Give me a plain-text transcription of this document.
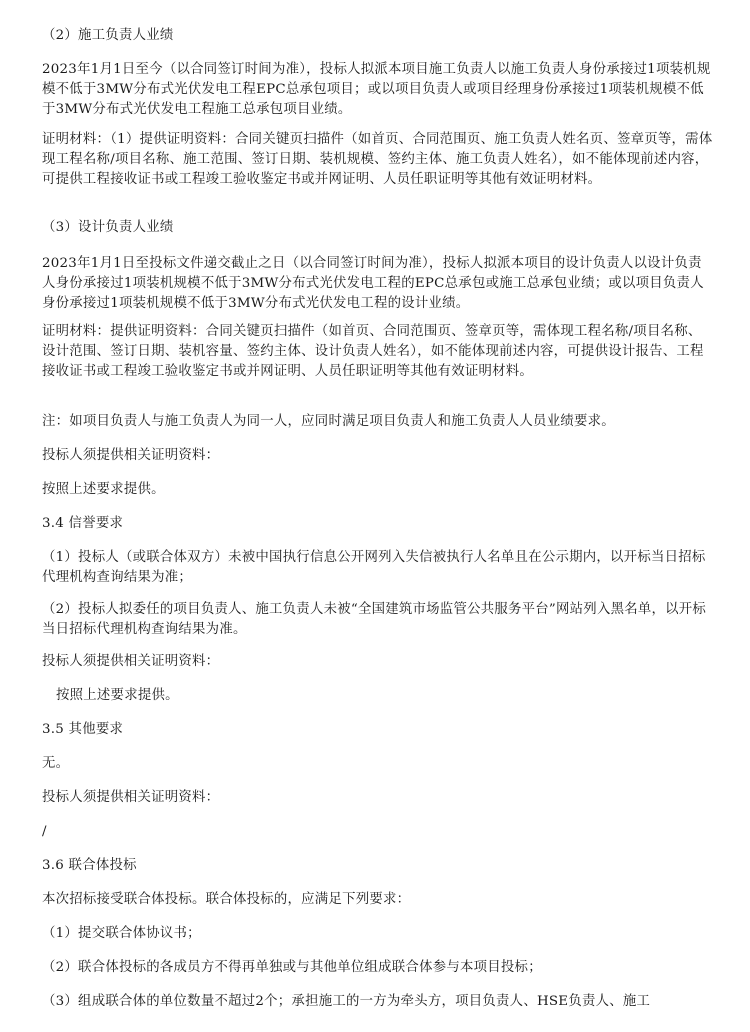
（2）施工负责人业绩
2023年1月1日至今（以合同签订时间为准），投标人拟派本项目施工负责人以施工负责人身份承接过1项装机规模不低于3MW分布式光伏发电工程EPC总承包项目；或以项目负责人或项目经理身份承接过1项装机规模不低于3MW分布式光伏发电工程施工总承包项目业绩。
证明材料：（1）提供证明资料：合同关键页扫描件（如首页、合同范围页、施工负责人姓名页、签章页等，需体现工程名称/项目名称、施工范围、签订日期、装机规模、签约主体、施工负责人姓名），如不能体现前述内容，可提供工程接收证书或工程竣工验收鉴定书或并网证明、人员任职证明等其他有效证明材料。
（3）设计负责人业绩
2023年1月1日至投标文件递交截止之日（以合同签订时间为准），投标人拟派本项目的设计负责人以设计负责人身份承接过1项装机规模不低于3MW分布式光伏发电工程的EPC总承包或施工总承包业绩；或以项目负责人身份承接过1项装机规模不低于3MW分布式光伏发电工程的设计业绩。
证明材料：提供证明资料：合同关键页扫描件（如首页、合同范围页、签章页等，需体现工程名称/项目名称、设计范围、签订日期、装机容量、签约主体、设计负责人姓名），如不能体现前述内容，可提供设计报告、工程接收证书或工程竣工验收鉴定书或并网证明、人员任职证明等其他有效证明材料。
注：如项目负责人与施工负责人为同一人，应同时满足项目负责人和施工负责人人员业绩要求。
投标人须提供相关证明资料：
按照上述要求提供。
3.4 信誉要求
（1）投标人（或联合体双方）未被中国执行信息公开网列入失信被执行人名单且在公示期内，以开标当日招标代理机构查询结果为准；
（2）投标人拟委任的项目负责人、施工负责人未被“全国建筑市场监管公共服务平台”网站列入黑名单，以开标当日招标代理机构查询结果为准。
投标人须提供相关证明资料：
按照上述要求提供。
3.5 其他要求
无。
投标人须提供相关证明资料：
/
3.6 联合体投标
本次招标接受联合体投标。联合体投标的，应满足下列要求：
（1）提交联合体协议书；
（2）联合体投标的各成员方不得再单独或与其他单位组成联合体参与本项目投标；
（3）组成联合体的单位数量不超过2个；承担施工的一方为牵头方，项目负责人、HSE负责人、施工
